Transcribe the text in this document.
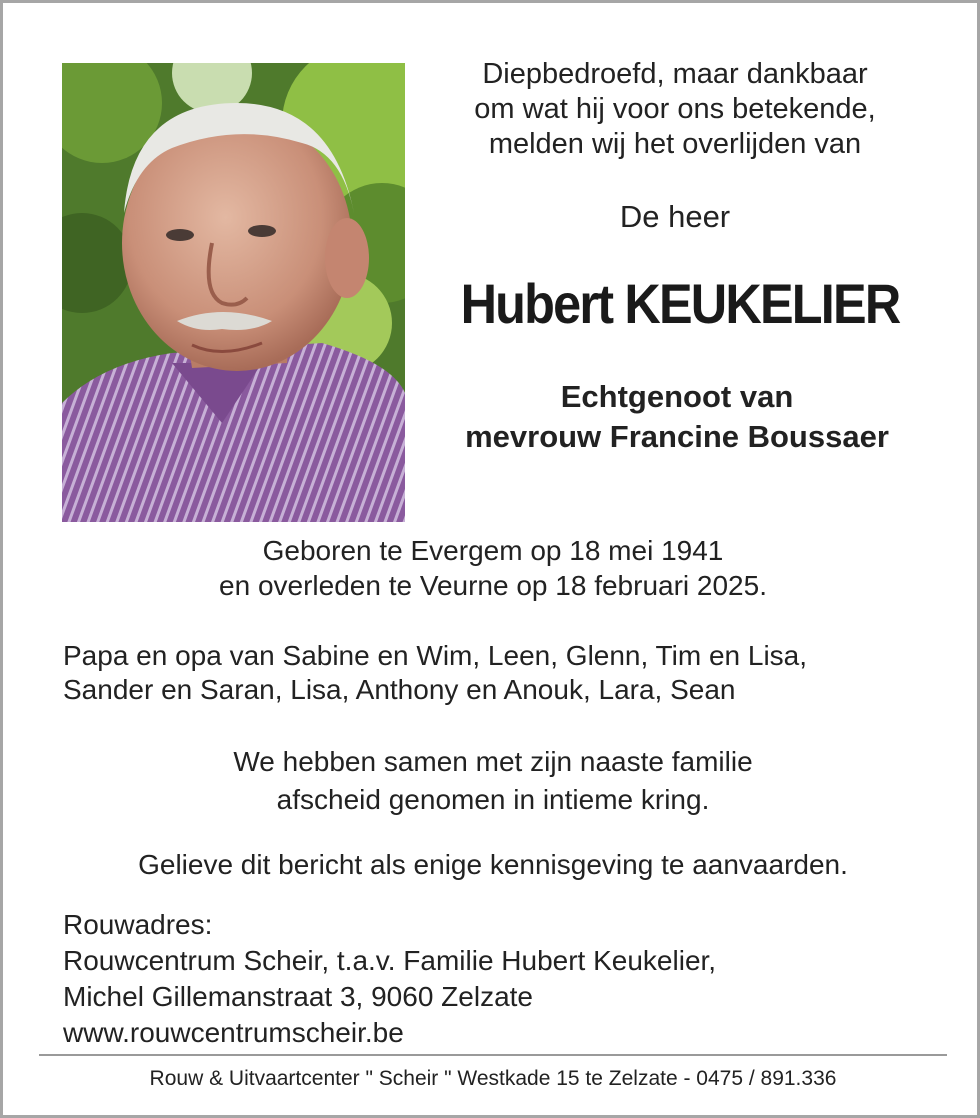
Diepbedroefd, maar dankbaar
om wat hij voor ons betekende,
melden wij het overlijden van
De heer
Hubert KEUKELIER
Echtgenoot van
mevrouw Francine Boussaer
Geboren te Evergem op 18 mei 1941
en overleden te Veurne op 18 februari 2025.
Papa en opa van Sabine en Wim, Leen, Glenn, Tim en Lisa,
Sander en Saran, Lisa, Anthony en Anouk, Lara, Sean
We hebben samen met zijn naaste familie
afscheid genomen in intieme kring.
Gelieve dit bericht als enige kennisgeving te aanvaarden.
Rouwadres:
Rouwcentrum Scheir, t.a.v. Familie Hubert Keukelier,
Michel Gillemanstraat 3, 9060 Zelzate
www.rouwcentrumscheir.be
Rouw & Uitvaartcenter " Scheir " Westkade 15 te Zelzate - 0475 / 891.336
